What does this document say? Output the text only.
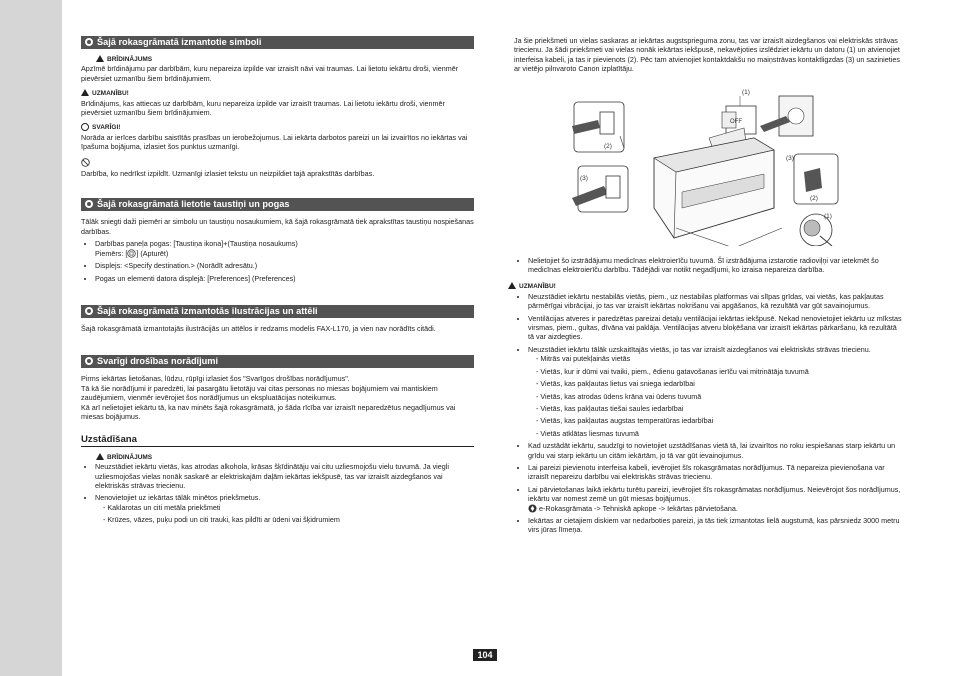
Šajā rokasgrāmatā izmantotie simboli
BRĪDINĀJUMS

Apzīmē brīdinājumu par darbībām, kuru nepareiza izpilde var izraisīt nāvi vai traumas. Lai lietotu iekārtu droši, vienmēr pievērsiet uzmanību šiem brīdinājumiem.

UZMANĪBU!

Brīdinājums, kas attiecas uz darbībām, kuru nepareiza izpilde var izraisīt traumas. Lai lietotu iekārtu droši, vienmēr pievērsiet uzmanību šiem brīdinājumiem.

SVARĪGI!

Norāda ar ierīces darbību saistītās prasības un ierobežojumus. Lai iekārta darbotos pareizi un lai izvairītos no iekārtas vai īpašuma bojājuma, izlasiet šos punktus uzmanīgi.

Darbība, ko nedrīkst izpildīt. Uzmanīgi izlasiet tekstu un neizpildiet tajā aprakstītās darbības.

Šajā rokasgrāmatā lietotie taustiņi un pogas

Tālāk sniegti daži piemēri ar simbolu un taustiņu nosaukumiem, kā šajā rokasgrāmatā tiek aprakstītas taustiņu nospiešanas darbības.

• Darbības paneļa pogas: [Taustiņa ikona]+(Taustiņa nosaukums)
Piemērs: [ ] (Apturēt)
• Displejs: <Specify destination.> (Norādīt adresātu.)
• Pogas un elementi datora displejā: [Preferences] (Preferences)
Šajā rokasgrāmatā izmantotās ilustrācijas un attēli

Šajā rokasgrāmatā izmantotajās ilustrācijās un attēlos ir redzams modelis FAX-L170, ja vien nav norādīts citādi.

Svarīgi drošības norādījumi

Pirms iekārtas lietošanas, lūdzu, rūpīgi izlasiet šos "Svarīgos drošības norādījumus".

Tā kā šie norādījumi ir paredzēti, lai pasargātu lietotāju vai citas personas no miesas bojājumiem vai mantiskiem zaudējumiem, vienmēr ievērojiet šos norādījumus un ekspluatācijas noteikumus.

Kā arī nelietojiet iekārtu tā, ka nav minēts šajā rokasgrāmatā, jo šāda rīcība var izraisīt neparedzētus negadījumus vai miesas bojājumus.

Uzstādīšana
BRĪDINĀJUMS
• Neuzstādiet iekārtu vietās, kas atrodas alkohola, krāsas šķīdinātāju vai citu uzliesmojošu vielu tuvumā. Ja viegli uzliesmojošas vielas nonāk saskarē ar elektriskajām daļām iekārtas iekšpusē, tas var izraisīt aizdegšanos vai elektriskās strāvas triecienu.
• Nenovietojiet uz iekārtas tālāk minētos priekšmetus.
- Kaklarotas un citi metāla priekšmeti
- Krūzes, vāzes, puķu podi un citi trauki, kas pildīti ar ūdeni vai šķidrumiem

Ja šie priekšmeti un vielas saskaras ar iekārtas augstsprieguma zonu, tas var izraisīt aizdegšanos vai elektriskās strāvas triecienu. Ja šādi priekšmeti vai vielas nonāk iekārtas iekšpusē, nekavējoties izslēdziet iekārtu un datoru (1) un atvienojiet interfeisa kabeli, ja tas ir pievienots (2). Pēc tam atvienojiet kontaktdakšu no maiņstrāvas kontaktligzdas (3) un sazinieties ar vietējo pilnvaroto Canon izplatītāju.

OFF
(1)
(3)
(2)
(3)
(2)
(1)
• Nelietojiet šo izstrādājumu medicīnas elektroierīču tuvumā. Šī izstrādājuma izstarotie radioviļņi var ietekmēt šo medicīnas elektroierīču darbību. Tādējādi var notikt negadījumi, ko izraisa nepareiza darbība.
UZMANĪBU!
• Neuzstādiet iekārtu nestabilās vietās, piem., uz nestabilas platformas vai slīpas grīdas, vai vietās, kas pakļautas pārmērīgai vibrācijai, jo tas var izraisīt iekārtas nokrišanu vai apgāšanos, kā rezultātā var gūt savainojumus.
• Ventilācijas atveres ir paredzētas pareizai detaļu ventilācijai iekārtas iekšpusē. Nekad nenovietojiet iekārtu uz mīkstas virsmas, piem., gultas, dīvāna vai paklāja. Ventilācijas atveru bloķēšana var izraisīt iekārtas pārkaršanu, kā rezultātā tā var aizdegties.
• Neuzstādiet iekārtu tālāk uzskaitītajās vietās, jo tas var izraisīt aizdegšanos vai elektriskās strāvas triecienu.
- Mitrās vai putekļainās vietās
- Vietās, kur ir dūmi vai tvaiki, piem., ēdienu gatavošanas ierīču vai mitrinātāja tuvumā
- Vietās, kas pakļautas lietus vai sniega iedarbībai
- Vietās, kas atrodas ūdens krāna vai ūdens tuvumā
- Vietās, kas pakļautas tiešai saules iedarbībai
- Vietās, kas pakļautas augstas temperatūras iedarbībai
- Vietās atklātas liesmas tuvumā
• Kad uzstādāt iekārtu, saudzīgi to novietojiet uzstādīšanas vietā tā, lai izvairītos no roku iespiešanas starp iekārtu un grīdu vai starp iekārtu un citām iekārtām, jo tā var gūt ievainojumus.
• Lai pareizi pievienotu interfeisa kabeli, ievērojiet šīs rokasgrāmatas norādījumus. Tā nepareiza pievienošana var izraisīt nepareizu darbību vai elektriskās strāvas triecienu.
• Lai pārvietošanas laikā iekārtu turētu pareizi, ievērojiet šīs rokasgrāmatas norādījumus. Neievērojot šos norādījumus, iekārtu var nomest zemē un gūt miesas bojājumus.
e-Rokasgrāmata -> Tehniskā apkope -> Iekārtas pārvietošana.
• Iekārtas ar cietajiem diskiem var nedarboties pareizi, ja tās tiek izmantotas lielā augstumā, kas pārsniedz 3000 metru virs jūras līmeņa.
104
